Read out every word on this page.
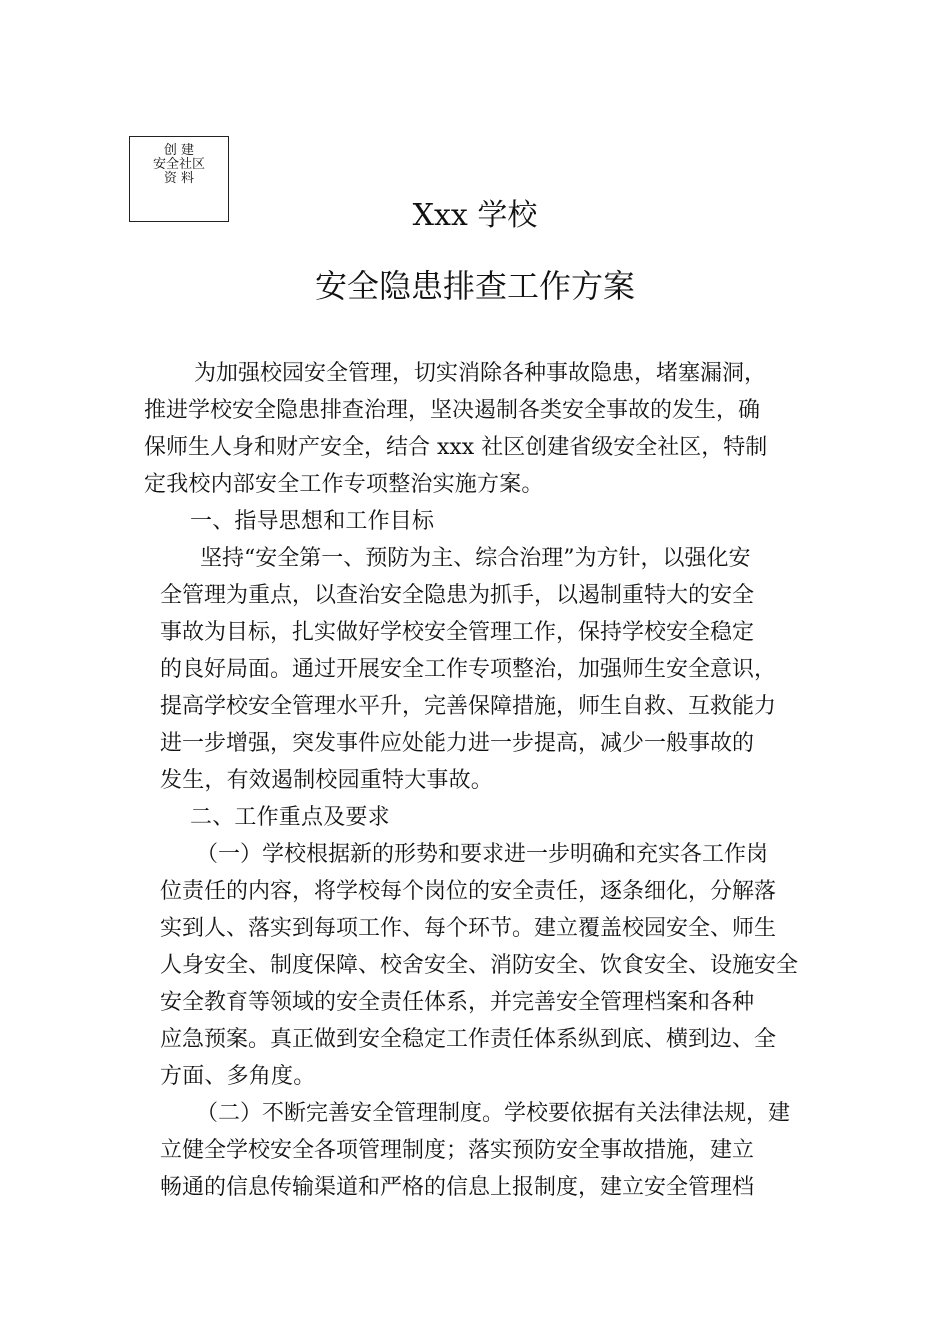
创 建
安全社区
资 料
Xxx 学校
安全隐患排查工作方案
为加强校园安全管理，切实消除各种事故隐患，堵塞漏洞，
推进学校安全隐患排查治理，坚决遏制各类安全事故的发生，确
保师生人身和财产安全，结合 xxx 社区创建省级安全社区，特制
定我校内部安全工作专项整治实施方案。
一、指导思想和工作目标
坚持“安全第一、预防为主、综合治理”为方针，以强化安
全管理为重点，以查治安全隐患为抓手，以遏制重特大的安全
事故为目标，扎实做好学校安全管理工作，保持学校安全稳定
的良好局面。通过开展安全工作专项整治，加强师生安全意识，
提高学校安全管理水平升，完善保障措施，师生自救、互救能力
进一步增强，突发事件应处能力进一步提高，减少一般事故的
发生，有效遏制校园重特大事故。
二、工作重点及要求
（一）学校根据新的形势和要求进一步明确和充实各工作岗
位责任的内容，将学校每个岗位的安全责任，逐条细化，分解落
实到人、落实到每项工作、每个环节。建立覆盖校园安全、师生
人身安全、制度保障、校舍安全、消防安全、饮食安全、设施安全
安全教育等领域的安全责任体系，并完善安全管理档案和各种
应急预案。真正做到安全稳定工作责任体系纵到底、横到边、全
方面、多角度。
（二）不断完善安全管理制度。学校要依据有关法律法规，建
立健全学校安全各项管理制度；落实预防安全事故措施，建立
畅通的信息传输渠道和严格的信息上报制度，建立安全管理档
